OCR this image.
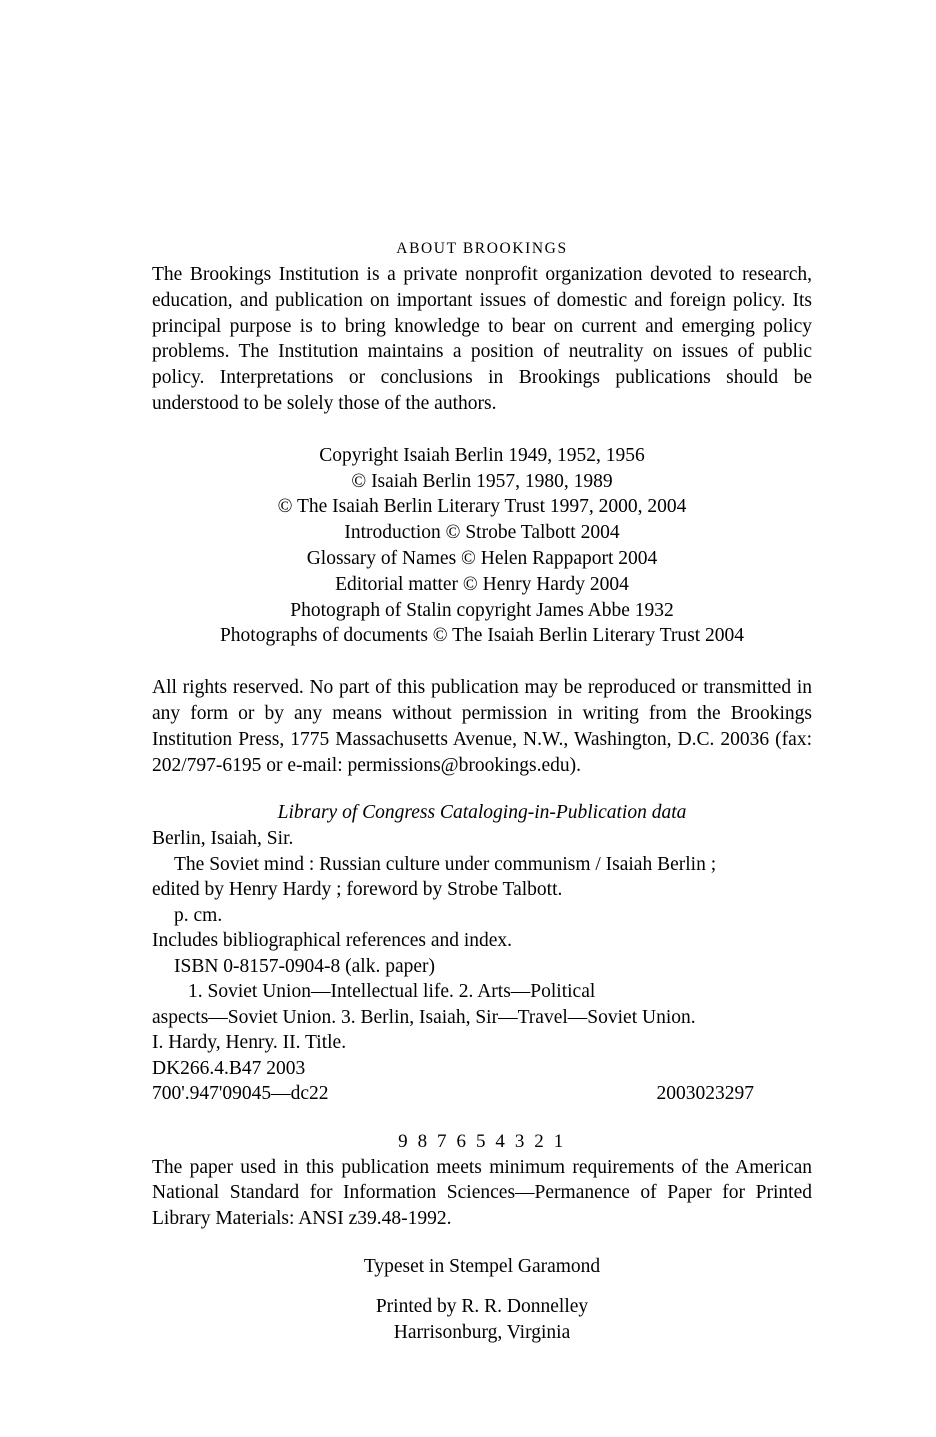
ABOUT BROOKINGS

The Brookings Institution is a private nonprofit organization devoted to research, education, and publication on important issues of domestic and foreign policy. Its principal purpose is to bring knowledge to bear on current and emerging policy problems. The Institution maintains a position of neutrality on issues of public policy. Interpretations or conclusions in Brookings publications should be understood to be solely those of the authors.

Copyright Isaiah Berlin 1949, 1952, 1956
© Isaiah Berlin 1957, 1980, 1989
© The Isaiah Berlin Literary Trust 1997, 2000, 2004
Introduction © Strobe Talbott 2004
Glossary of Names © Helen Rappaport 2004
Editorial matter © Henry Hardy 2004
Photograph of Stalin copyright James Abbe 1932
Photographs of documents © The Isaiah Berlin Literary Trust 2004

All rights reserved. No part of this publication may be reproduced or transmitted in any form or by any means without permission in writing from the Brookings Institution Press, 1775 Massachusetts Avenue, N.W., Washington, D.C. 20036 (fax: 202/797-6195 or e-mail: permissions@brookings.edu).

Library of Congress Cataloging-in-Publication data
Berlin, Isaiah, Sir.
The Soviet mind : Russian culture under communism / Isaiah Berlin ;
edited by Henry Hardy ; foreword by Strobe Talbott.
p. cm.
Includes bibliographical references and index.
ISBN 0-8157-0904-8 (alk. paper)
1. Soviet Union—Intellectual life. 2. Arts—Political
aspects—Soviet Union. 3. Berlin, Isaiah, Sir—Travel—Soviet Union.
I. Hardy, Henry. II. Title.
DK266.4.B47 2003
700'.947'09045—dc22	2003023297
9 8 7 6 5 4 3 2 1

The paper used in this publication meets minimum requirements of the American National Standard for Information Sciences—Permanence of Paper for Printed Library Materials: ANSI z39.48-1992.

Typeset in Stempel Garamond
Printed by R. R. Donnelley
Harrisonburg, Virginia
